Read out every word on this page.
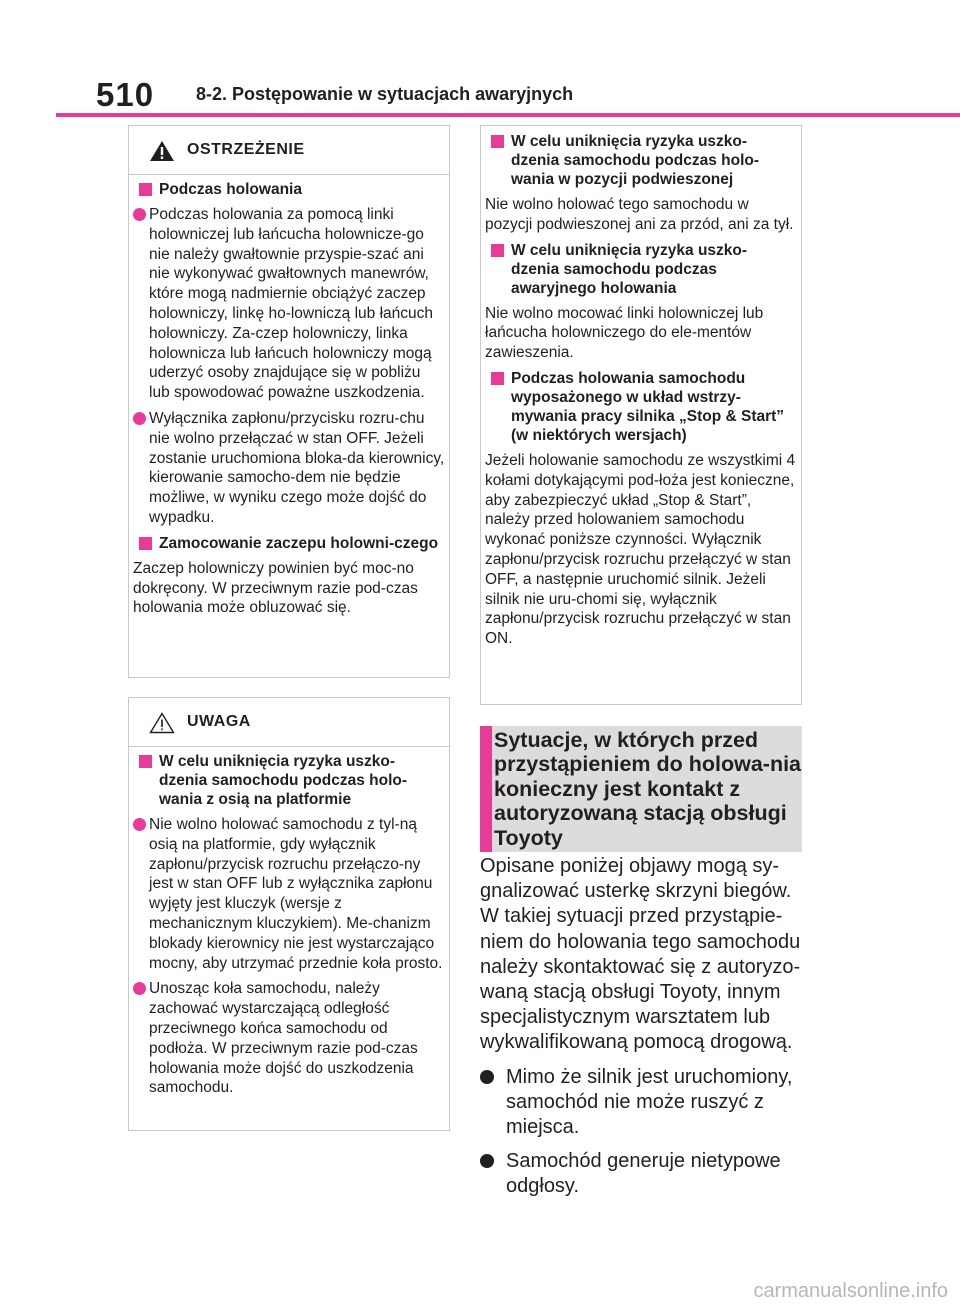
510 8-2. Postępowanie w sytuacjach awaryjnych
OSTRZEŻENIE
Podczas holowania
Podczas holowania za pomocą linki holowniczej lub łańcucha holownicze-go nie należy gwałtownie przyspie-szać ani nie wykonywać gwałtownych manewrów, które mogą nadmiernie obciążyć zaczep holowniczy, linkę ho-lowniczą lub łańcuch holowniczy. Za-czep holowniczy, linka holownicza lub łańcuch holowniczy mogą uderzyć osoby znajdujące się w pobliżu lub spowodować poważne uszkodzenia.
Wyłącznika zapłonu/przycisku rozru-chu nie wolno przełączać w stan OFF. Jeżeli zostanie uruchomiona bloka-da kierownicy, kierowanie samocho-dem nie będzie możliwe, w wyniku czego może dojść do wypadku.
Zamocowanie zaczepu holowni-czego
Zaczep holowniczy powinien być moc-no dokręcony. W przeciwnym razie pod-czas holowania może obluzować się.
UWAGA
W celu uniknięcia ryzyka uszko-dzenia samochodu podczas holo-wania z osią na platformie
Nie wolno holować samochodu z tyl-ną osią na platformie, gdy wyłącznik zapłonu/przycisk rozruchu przełączo-ny jest w stan OFF lub z wyłącznika zapłonu wyjęty jest kluczyk (wersje z mechanicznym kluczykiem). Me-chanizm blokady kierownicy nie jest wystarczająco mocny, aby utrzymać przednie koła prosto.
Unosząc koła samochodu, należy zachować wystarczającą odległość przeciwnego końca samochodu od podłoża. W przeciwnym razie pod-czas holowania może dojść do uszkodzenia samochodu.
W celu uniknięcia ryzyka uszko-dzenia samochodu podczas holo-wania w pozycji podwieszonej
Nie wolno holować tego samochodu w pozycji podwieszonej ani za przód, ani za tył.
W celu uniknięcia ryzyka uszko-dzenia samochodu podczas awaryjnego holowania
Nie wolno mocować linki holowniczej lub łańcucha holowniczego do ele-mentów zawieszenia.
Podczas holowania samochodu wyposażonego w układ wstrzy-mywania pracy silnika „Stop & Start” (w niektórych wersjach)
Jeżeli holowanie samochodu ze wszystkimi 4 kołami dotykającymi pod-łoża jest konieczne, aby zabezpieczyć układ „Stop & Start”, należy przed holowaniem samochodu wykonać poniższe czynności. Wyłącznik zapłonu/przycisk rozruchu przełączyć w stan OFF, a następnie uruchomić silnik. Jeżeli silnik nie uru-chomi się, wyłącznik zapłonu/przycisk rozruchu przełączyć w stan ON.
Sytuacje, w których przed przystąpieniem do holowa-nia konieczny jest kontakt z autoryzowaną stacją obsługi Toyoty

Opisane poniżej objawy mogą sy-gnalizować usterkę skrzyni biegów. W takiej sytuacji przed przystąpie-niem do holowania tego samochodu należy skontaktować się z autoryzo-waną stacją obsługi Toyoty, innym specjalistycznym warsztatem lub wykwalifikowaną pomocą drogową.

Mimo że silnik jest uruchomiony, samochód nie może ruszyć z miejsca.
Samochód generuje nietypowe odgłosy.
carmanualsonline.info
